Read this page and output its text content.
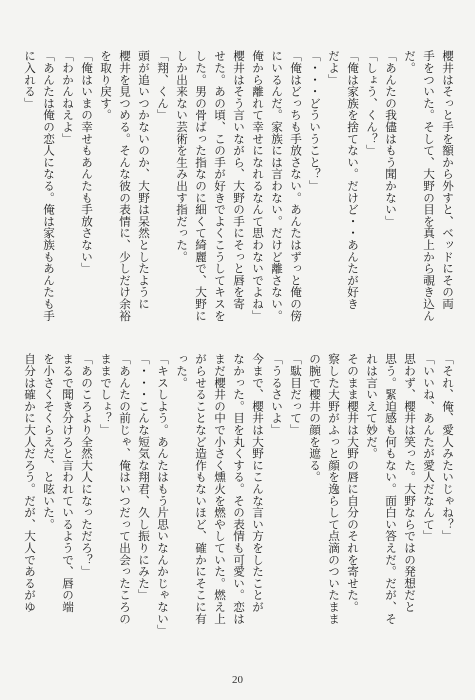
櫻井はそっと手を額から外すと、ベッドにその両
手をついた。そして、大野の目を真上から覗き込ん
だ。
「あんたの我儘はもう聞かない」
「しょう、くん？」
「俺は家族を捨てない。だけど・・あんたが好き
だよ」
「・・・どういうこと？」
「俺はどっちも手放さない。あんたはずっと俺の傍
にいるんだ。家族には言わない。だけど離さない。
俺から離れて幸せになれるなんて思わないでよね」
櫻井はそう言いながら、大野の手にそっと唇を寄
せた。あの頃、この手が好きでよくこうしてキスを
した。男の骨ばった指なのに細くて綺麗で、大野に
しか出来ない芸術を生み出す指だった。
「翔、くん」
頭が追いつかないのか、大野は呆然としたように
櫻井を見つめる。そんな彼の表情に、少しだけ余裕
を取り戻す。
「俺はいまの幸せもあんたも手放さない」
「わかんねえよ」
「あんたは俺の恋人になる。俺は家族もあんたも手
に入れる」
「それ、俺、愛人みたいじゃね？」
「いいね、あんたが愛人だなんて」
思わず、櫻井は笑った。大野ならではの発想だと
思う。緊迫感も何もない。面白い答えだ。だが、そ
れは言いえて妙だ。
そのまま櫻井は大野の唇に自分のそれを寄せた。
察した大野がふっと顔を逸らして点滴のついたまま
の腕で櫻井の顔を遮る。
「駄目だって」
「うるさいよ」
今まで、櫻井は大野にこんな言い方をしたことが
なかった。目を丸くする。その表情も可愛い。恋は
まだ櫻井の中で小さく燻火を燃やしていた。燃え上
がらせることなど造作もないほど、確かにそこに有
った。
「キスしよう。あんたはもう片思いなんかじゃない」
「・・・こんな短気な翔君、久し振りにみた」
「あんたの前じゃ、俺はいつだって出会ったころの
ままでしょ？」
「あのころより全然大人になっただろ？」
まるで聞き分けろと言われているようで、唇の端
を小さくそくらえだ、と呟いた。
自分は確かに大人だろう。だが、大人であるがゆ
20
